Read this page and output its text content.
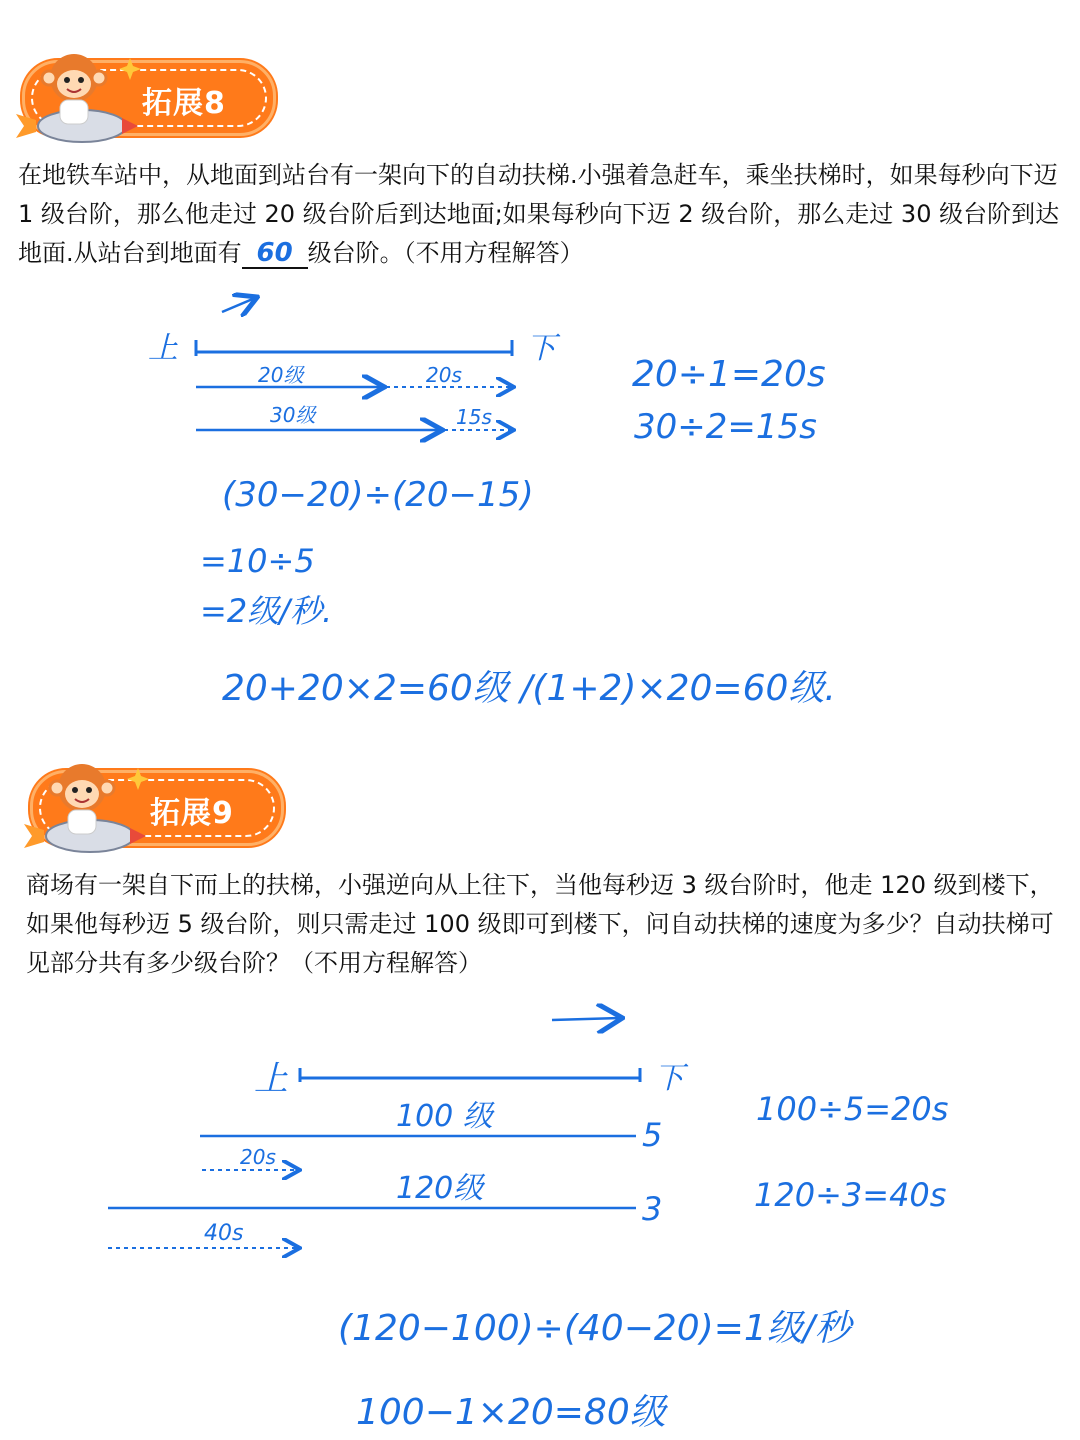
拓展8

在地铁车站中，从地面到站台有一架向下的自动扶梯.小强着急赶车，乘坐扶梯时，如果每秒向下迈 1 级台阶，那么他走过 20 级台阶后到达地面;如果每秒向下迈 2 级台阶，那么走过 30 级台阶到达地面.从站台到地面有 60 级台阶。（不用方程解答）

上	下
20级	20s
30级	15s
20÷1=20s
30÷2=15s
(30−20)÷(20−15)
=10÷5
=2级/秒.
20+20×2=60级 /(1+2)×20=60级.
拓展9

商场有一架自下而上的扶梯，小强逆向从上往下，当他每秒迈 3 级台阶时，他走 120 级到楼下，如果他每秒迈 5 级台阶，则只需走过 100 级即可到楼下，问自动扶梯的速度为多少？自动扶梯可见部分共有多少级台阶？（不用方程解答）

上	下
100 级	5
20s
120级
3
40s
100÷5=20s
120÷3=40s
(120−100)÷(40−20)=1级/秒
100−1×20=80级
